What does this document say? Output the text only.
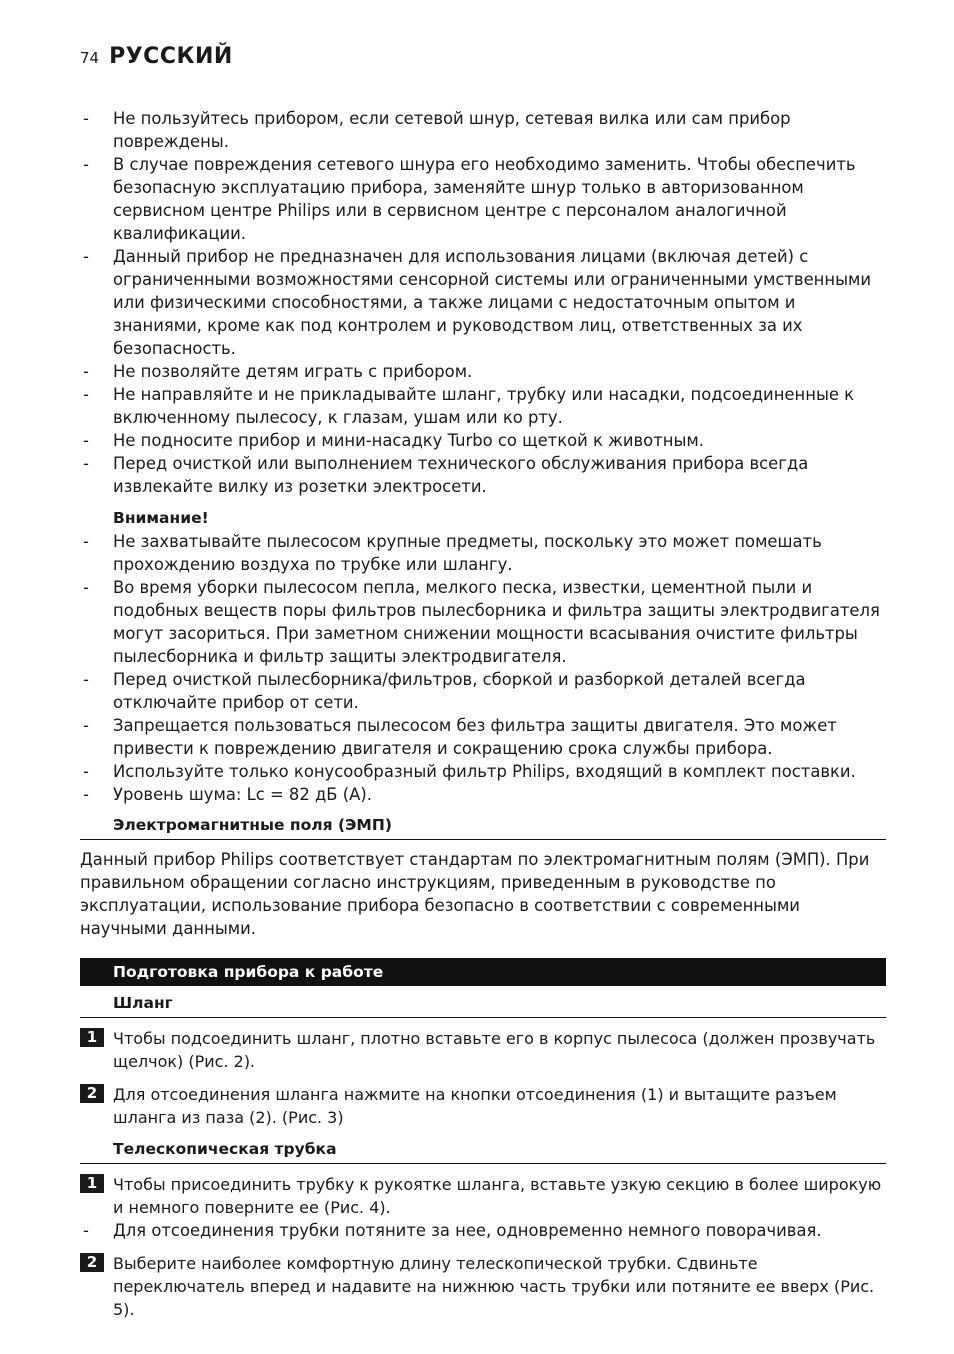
74 РУССКИЙ
- Не пользуйтесь прибором, если сетевой шнур, сетевая вилка или сам прибор повреждены.
- В случае повреждения сетевого шнура его необходимо заменить. Чтобы обеспечить безопасную эксплуатацию прибора, заменяйте шнур только в авторизованном сервисном центре Philips или в сервисном центре с персоналом аналогичной квалификации.
- Данный прибор не предназначен для использования лицами (включая детей) с ограниченными возможностями сенсорной системы или ограниченными умственными или физическими способностями, а также лицами с недостаточным опытом и знаниями, кроме как под контролем и руководством лиц, ответственных за их безопасность.
- Не позволяйте детям играть с прибором.
- Не направляйте и не прикладывайте шланг, трубку или насадки, подсоединенные к включенному пылесосу, к глазам, ушам или ко рту.
- Не подносите прибор и мини-насадку Turbo со щеткой к животным.
- Перед очисткой или выполнением технического обслуживания прибора всегда извлекайте вилку из розетки электросети.
Внимание!
- Не захватывайте пылесосом крупные предметы, поскольку это может помешать прохождению воздуха по трубке или шлангу.
- Во время уборки пылесосом пепла, мелкого песка, известки, цементной пыли и подобных веществ поры фильтров пылесборника и фильтра защиты электродвигателя могут засориться. При заметном снижении мощности всасывания очистите фильтры пылесборника и фильтр защиты электродвигателя.
- Перед очисткой пылесборника/фильтров, сборкой и разборкой деталей всегда отключайте прибор от сети.
- Запрещается пользоваться пылесосом без фильтра защиты двигателя. Это может привести к повреждению двигателя и сокращению срока службы прибора.
- Используйте только конусообразный фильтр Philips, входящий в комплект поставки.
- Уровень шума: Lc = 82 дБ (A).
Электромагнитные поля (ЭМП)
Данный прибор Philips соответствует стандартам по электромагнитным полям (ЭМП). При правильном обращении согласно инструкциям, приведенным в руководстве по эксплуатации, использование прибора безопасно в соответствии с современными научными данными.
Подготовка прибора к работе
Шланг
1 Чтобы подсоединить шланг, плотно вставьте его в корпус пылесоса (должен прозвучать щелчок) (Рис. 2).
2 Для отсоединения шланга нажмите на кнопки отсоединения (1) и вытащите разъем шланга из паза (2). (Рис. 3)
Телескопическая трубка
1 Чтобы присоединить трубку к рукоятке шланга, вставьте узкую секцию в более широкую и немного поверните ее (Рис. 4).
- Для отсоединения трубки потяните за нее, одновременно немного поворачивая.
2 Выберите наиболее комфортную длину телескопической трубки. Сдвиньте переключатель вперед и надавите на нижнюю часть трубки или потяните ее вверх (Рис. 5).
